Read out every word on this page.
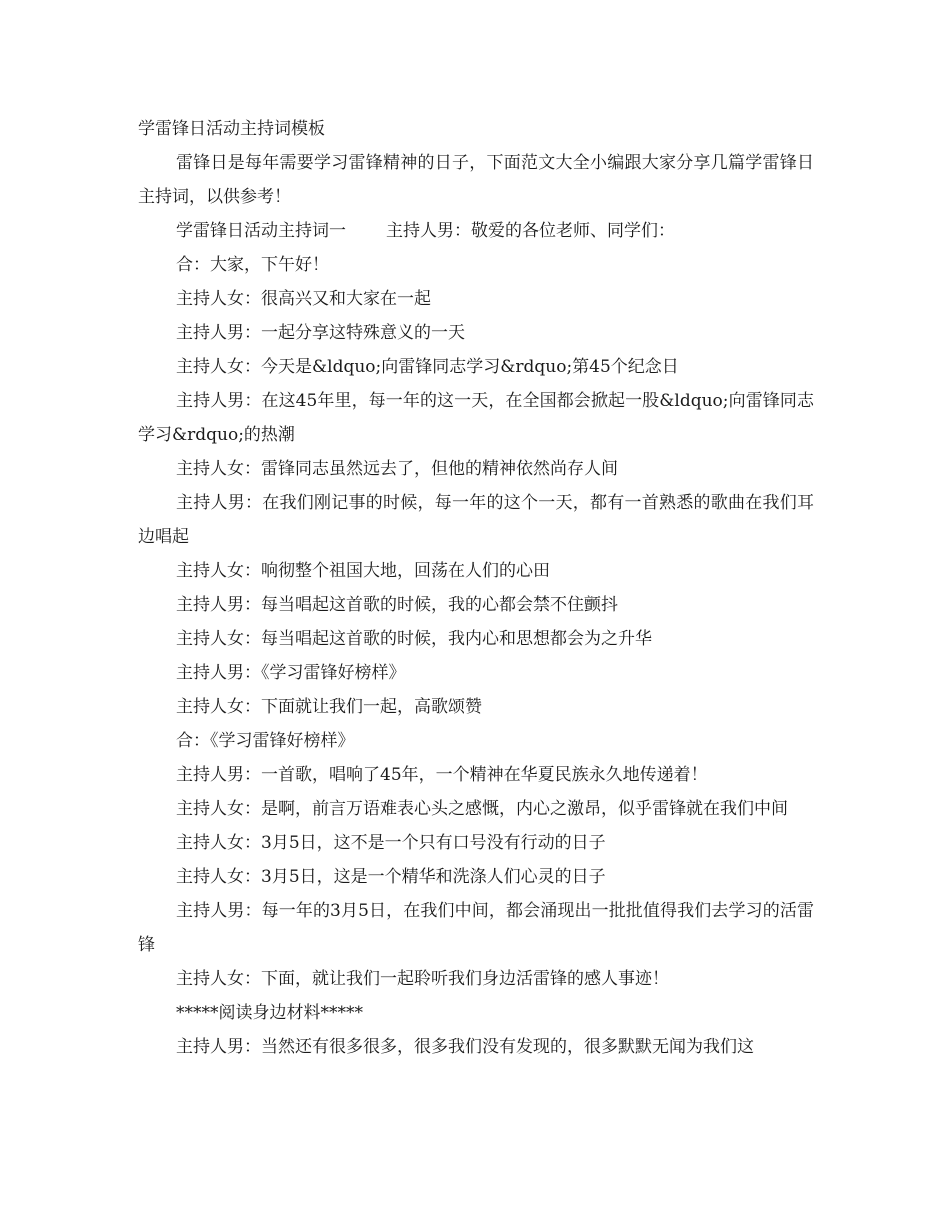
学雷锋日活动主持词模板

雷锋日是每年需要学习雷锋精神的日子，下面范文大全小编跟大家分享几篇学雷锋日主持词，以供参考！

学雷锋日活动主持词一 主持人男：敬爱的各位老师、同学们：

合：大家，下午好！

主持人女：很高兴又和大家在一起

主持人男：一起分享这特殊意义的一天

主持人女：今天是&ldquo;向雷锋同志学习&rdquo;第45个纪念日

主持人男：在这45年里，每一年的这一天，在全国都会掀起一股&ldquo;向雷锋同志学习&rdquo;的热潮

主持人女：雷锋同志虽然远去了，但他的精神依然尚存人间

主持人男：在我们刚记事的时候，每一年的这个一天，都有一首熟悉的歌曲在我们耳边唱起

主持人女：响彻整个祖国大地，回荡在人们的心田

主持人男：每当唱起这首歌的时候，我的心都会禁不住颤抖

主持人女：每当唱起这首歌的时候，我内心和思想都会为之升华

主持人男：《学习雷锋好榜样》

主持人女：下面就让我们一起，高歌颂赞

合：《学习雷锋好榜样》

主持人男：一首歌，唱响了45年，一个精神在华夏民族永久地传递着！

主持人女：是啊，前言万语难表心头之感慨，内心之激昂，似乎雷锋就在我们中间

主持人女：3月5日，这不是一个只有口号没有行动的日子

主持人女：3月5日，这是一个精华和洗涤人们心灵的日子

主持人男：每一年的3月5日，在我们中间，都会涌现出一批批值得我们去学习的活雷锋

主持人女：下面，就让我们一起聆听我们身边活雷锋的感人事迹！

*****阅读身边材料*****

主持人男：当然还有很多很多，很多我们没有发现的，很多默默无闻为我们这
